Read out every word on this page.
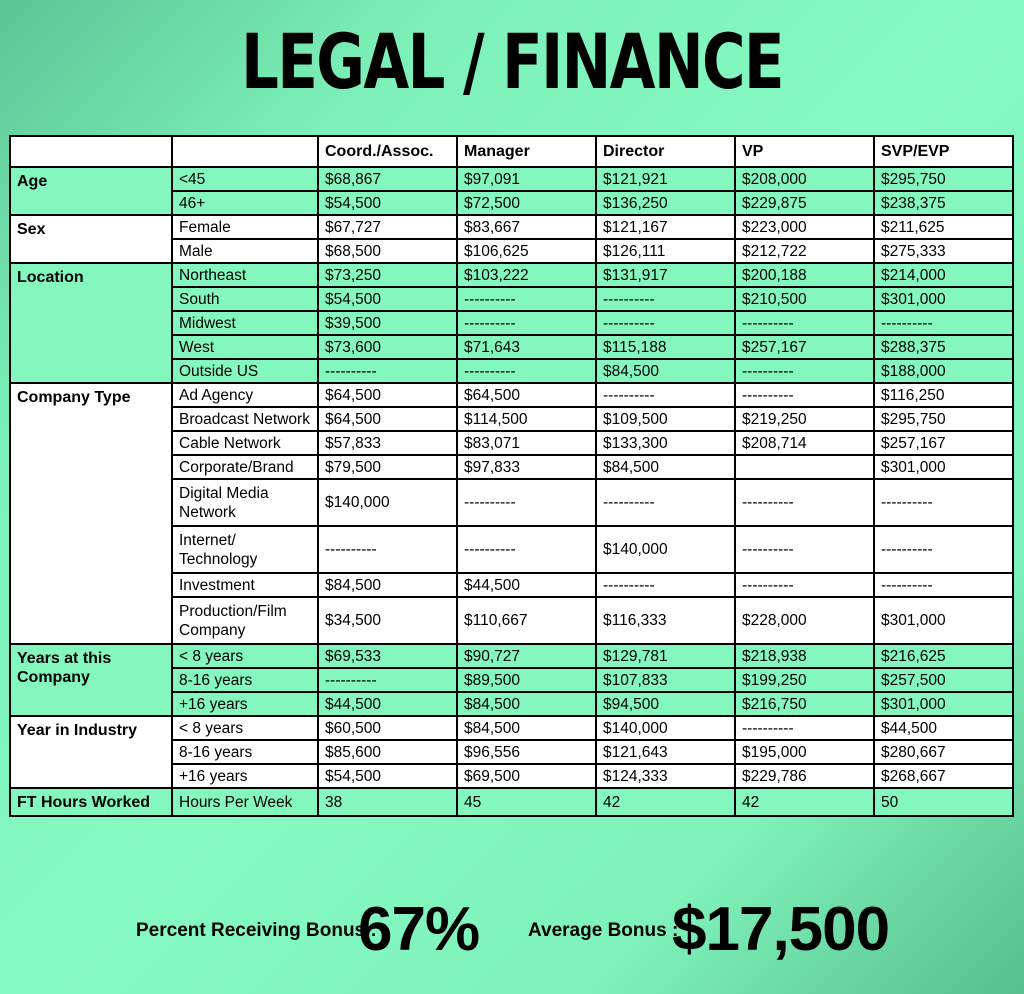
LEGAL / FINANCE
		Coord./Assoc.	Manager	Director	VP	SVP/EVP
Age	<45	$68,867	$97,091	$121,921	$208,000	$295,750
	46+	$54,500	$72,500	$136,250	$229,875	$238,375
Sex	Female	$67,727	$83,667	$121,167	$223,000	$211,625
	Male	$68,500	$106,625	$126,111	$212,722	$275,333
Location	Northeast	$73,250	$103,222	$131,917	$200,188	$214,000
	South	$54,500	----------	----------	$210,500	$301,000
	Midwest	$39,500	----------	----------	----------	----------
	West	$73,600	$71,643	$115,188	$257,167	$288,375
	Outside US	----------	----------	$84,500	----------	$188,000
Company Type	Ad Agency	$64,500	$64,500	----------	----------	$116,250
	Broadcast Network	$64,500	$114,500	$109,500	$219,250	$295,750
	Cable Network	$57,833	$83,071	$133,300	$208,714	$257,167
	Corporate/Brand	$79,500	$97,833	$84,500		$301,000
	Digital Media Network	$140,000	----------	----------	----------	----------
	Internet/ Technology	----------	----------	$140,000	----------	----------
	Investment	$84,500	$44,500	----------	----------	----------
	Production/Film Company	$34,500	$110,667	$116,333	$228,000	$301,000
Years at this Company	< 8 years	$69,533	$90,727	$129,781	$218,938	$216,625
	8-16 years	----------	$89,500	$107,833	$199,250	$257,500
	+16 years	$44,500	$84,500	$94,500	$216,750	$301,000
Year in Industry	< 8 years	$60,500	$84,500	$140,000	----------	$44,500
	8-16 years	$85,600	$96,556	$121,643	$195,000	$280,667
	+16 years	$54,500	$69,500	$124,333	$229,786	$268,667
FT Hours Worked	Hours Per Week	38	45	42	42	50
Percent Receiving Bonus :
67%	Average Bonus :
$17,500
